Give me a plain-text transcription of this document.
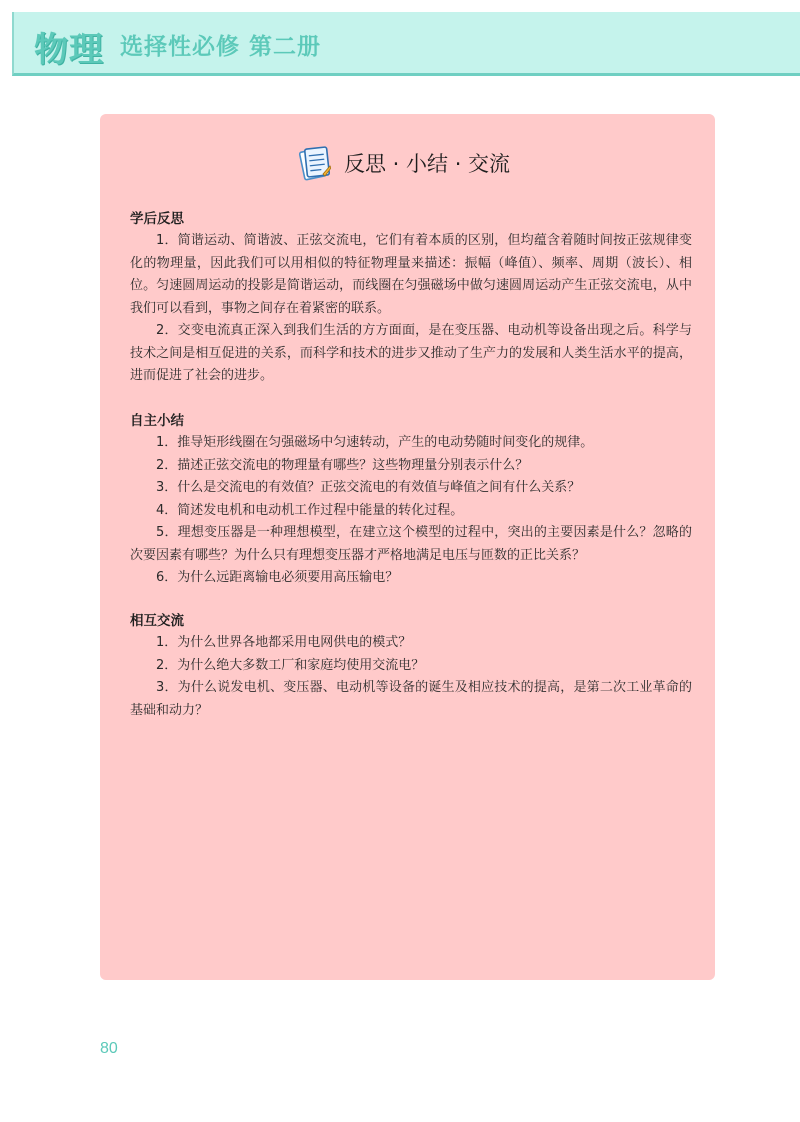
物理 选择性必修 第二册
反思 · 小结 · 交流
学后反思

1．简谐运动、简谐波、正弦交流电，它们有着本质的区别，但均蕴含着随时间按正弦规律变化的物理量，因此我们可以用相似的特征物理量来描述：振幅（峰值）、频率、周期（波长）、相位。匀速圆周运动的投影是简谐运动，而线圈在匀强磁场中做匀速圆周运动产生正弦交流电，从中我们可以看到，事物之间存在着紧密的联系。

2．交变电流真正深入到我们生活的方方面面，是在变压器、电动机等设备出现之后。科学与技术之间是相互促进的关系，而科学和技术的进步又推动了生产力的发展和人类生活水平的提高，进而促进了社会的进步。

自主小结

1．推导矩形线圈在匀强磁场中匀速转动，产生的电动势随时间变化的规律。

2．描述正弦交流电的物理量有哪些？这些物理量分别表示什么？

3．什么是交流电的有效值？正弦交流电的有效值与峰值之间有什么关系？

4．简述发电机和电动机工作过程中能量的转化过程。

5．理想变压器是一种理想模型，在建立这个模型的过程中，突出的主要因素是什么？忽略的次要因素有哪些？为什么只有理想变压器才严格地满足电压与匝数的正比关系？

6．为什么远距离输电必须要用高压输电？

相互交流

1．为什么世界各地都采用电网供电的模式？

2．为什么绝大多数工厂和家庭均使用交流电？

3．为什么说发电机、变压器、电动机等设备的诞生及相应技术的提高，是第二次工业革命的基础和动力？

80
